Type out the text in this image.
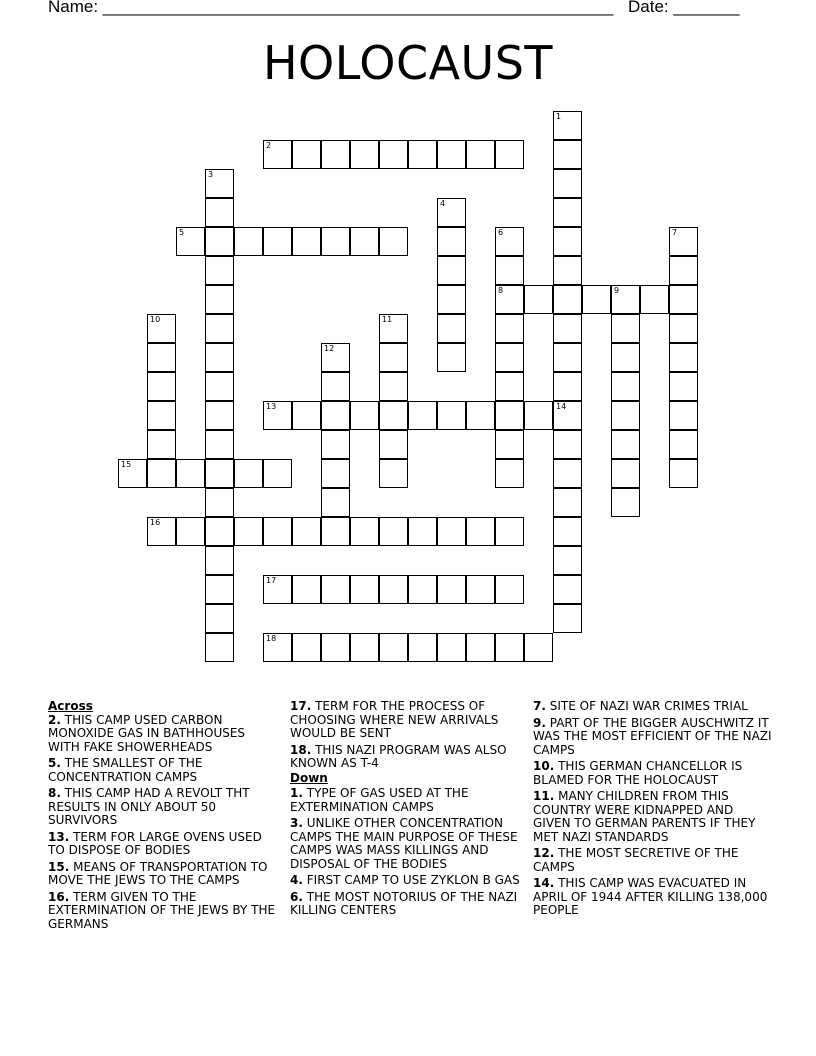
Name: ______________________________________________________ Date: _______
HOLOCAUST
1
14
2
3
4
5	6
8
7
9
10	11
12
13
15
16
17
18
Across
2. THIS CAMP USED CARBON MONOXIDE GAS IN BATHHOUSES WITH FAKE SHOWERHEADS
5. THE SMALLEST OF THE CONCENTRATION CAMPS
8. THIS CAMP HAD A REVOLT THT RESULTS IN ONLY ABOUT 50 SURVIVORS
13. TERM FOR LARGE OVENS USED TO DISPOSE OF BODIES
15. MEANS OF TRANSPORTATION TO MOVE THE JEWS TO THE CAMPS
16. TERM GIVEN TO THE EXTERMINATION OF THE JEWS BY THE GERMANS
17. TERM FOR THE PROCESS OF CHOOSING WHERE NEW ARRIVALS WOULD BE SENT
18. THIS NAZI PROGRAM WAS ALSO KNOWN AS T-4
Down
1. TYPE OF GAS USED AT THE EXTERMINATION CAMPS
3. UNLIKE OTHER CONCENTRATION CAMPS THE MAIN PURPOSE OF THESE CAMPS WAS MASS KILLINGS AND DISPOSAL OF THE BODIES
4. FIRST CAMP TO USE ZYKLON B GAS
6. THE MOST NOTORIUS OF THE NAZI KILLING CENTERS
7. SITE OF NAZI WAR CRIMES TRIAL
9. PART OF THE BIGGER AUSCHWITZ IT WAS THE MOST EFFICIENT OF THE NAZI CAMPS
10. THIS GERMAN CHANCELLOR IS BLAMED FOR THE HOLOCAUST
11. MANY CHILDREN FROM THIS COUNTRY WERE KIDNAPPED AND GIVEN TO GERMAN PARENTS IF THEY MET NAZI STANDARDS
12. THE MOST SECRETIVE OF THE CAMPS
14. THIS CAMP WAS EVACUATED IN APRIL OF 1944 AFTER KILLING 138,000 PEOPLE
